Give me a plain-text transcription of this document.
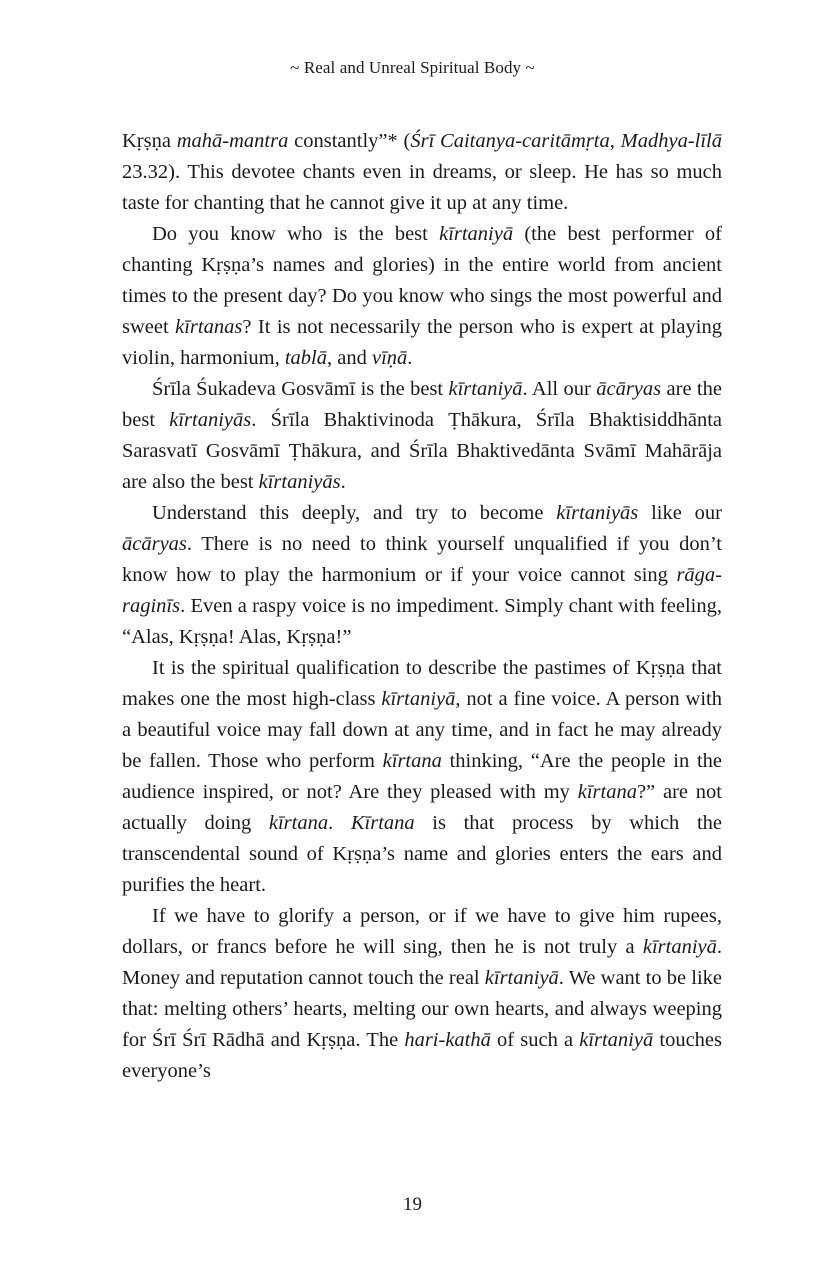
~ Real and Unreal Spiritual Body ~

Kṛṣṇa mahā-mantra constantly”* (Śrī Caitanya-caritāmṛta, Madhya-līlā 23.32). This devotee chants even in dreams, or sleep. He has so much taste for chanting that he cannot give it up at any time.

Do you know who is the best kīrtaniyā (the best performer of chanting Kṛṣṇa’s names and glories) in the entire world from ancient times to the present day? Do you know who sings the most powerful and sweet kīrtanas? It is not necessarily the person who is expert at playing violin, harmonium, tablā, and vīṇā.

Śrīla Śukadeva Gosvāmī is the best kīrtaniyā. All our ācāryas are the best kīrtaniyās. Śrīla Bhaktivinoda Ṭhākura, Śrīla Bhaktisiddhānta Sarasvatī Gosvāmī Ṭhākura, and Śrīla Bhaktivedānta Svāmī Mahārāja are also the best kīrtaniyās.

Understand this deeply, and try to become kīrtaniyās like our ācāryas. There is no need to think yourself unqualified if you don’t know how to play the harmonium or if your voice cannot sing rāga-raginīs. Even a raspy voice is no impediment. Simply chant with feeling, “Alas, Kṛṣṇa! Alas, Kṛṣṇa!”

It is the spiritual qualification to describe the pastimes of Kṛṣṇa that makes one the most high-class kīrtaniyā, not a fine voice. A person with a beautiful voice may fall down at any time, and in fact he may already be fallen. Those who perform kīrtana thinking, “Are the people in the audience inspired, or not? Are they pleased with my kīrtana?” are not actually doing kīrtana. Kīrtana is that process by which the transcendental sound of Kṛṣṇa’s name and glories enters the ears and purifies the heart.

If we have to glorify a person, or if we have to give him rupees, dollars, or francs before he will sing, then he is not truly a kīrtaniyā. Money and reputation cannot touch the real kīrtaniyā. We want to be like that: melting others’ hearts, melting our own hearts, and always weeping for Śrī Śrī Rādhā and Kṛṣṇa. The hari-kathā of such a kīrtaniyā touches everyone’s

19
